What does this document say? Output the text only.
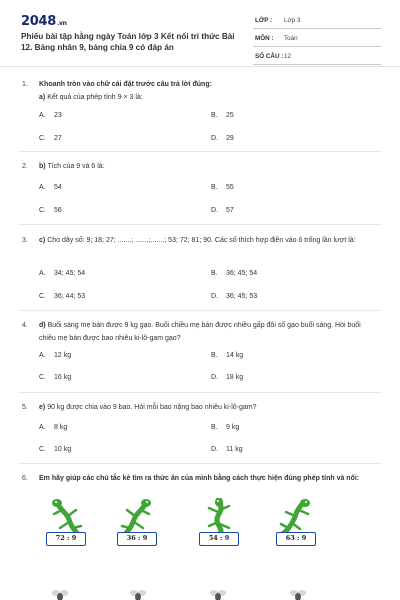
2048.vn
Phiếu bài tập hằng ngày Toán lớp 3 Kết nối tri thức Bài 12. Bảng nhân 9, bảng chia 9 có đáp án
LỚP : Lớp 3
MÔN : Toán
SỐ CÂU : 12
1. Khoanh tròn vào chữ cái đặt trước câu trả lời đúng:
a) Kết quả của phép tính 9 × 3 là:
A. 23	B. 25
C. 27	D. 29
2. b) Tích của 9 và 6 là:
A. 54	B. 55
C. 56	D. 57
3. c) Cho dãy số: 9; 18; 27; .......; .......;.......; 53; 72; 81; 90. Các số thích hợp điền vào ô trống lần lượt là:
A. 34; 45; 54	B. 36; 45; 54
C. 36; 44; 53	D. 36; 45; 53
4. d) Buổi sáng mẹ bán được 9 kg gạo. Buổi chiều mẹ bán được nhiều gấp đôi số gạo buổi sáng. Hỏi buổi chiều mẹ bán được bao nhiêu ki-lô-gam gạo?
A. 12 kg	B. 14 kg
C. 16 kg	D. 18 kg
5. e) 90 kg được chia vào 9 bao. Hỏi mỗi bao nặng bao nhiêu ki-lô-gam?
A. 8 kg	B. 9 kg
C. 10 kg	D. 11 kg
6. Em hãy giúp các chú tắc kè tìm ra thức ăn của mình bằng cách thực hiện đúng phép tính và nối:
72 : 9	36 : 9	54 : 9	63 : 9
